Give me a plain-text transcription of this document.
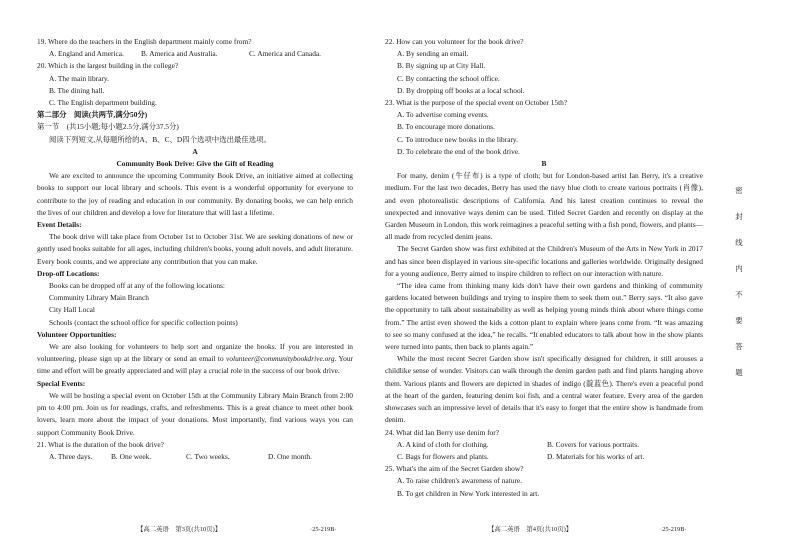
19. Where do the teachers in the English department mainly come from?
A. England and America.	B. America and Australia.	C. America and Canada.
20. Which is the largest building in the college?
A. The main library.
B. The dining hall.
C. The English department building.
第二部分　阅读(共两节,满分50分)
第一节　(共15小题;每小题2.5分,满分37.5分)
阅读下列短文,从每题所给的A、B、C、D四个选项中选出最佳选项。
A
Community Book Drive: Give the Gift of Reading
We are excited to announce the upcoming Community Book Drive, an initiative aimed at collecting books to support our local library and schools. This event is a wonderful opportunity for everyone to contribute to the joy of reading and education in our community. By donating books, we can help enrich the lives of our children and develop a love for literature that will last a lifetime.
Event Details:
The book drive will take place from October 1st to October 31st. We are seeking donations of new or gently used books suitable for all ages, including children's books, young adult novels, and adult literature. Every book counts, and we appreciate any contribution that you can make.
Drop-off Locations:
Books can be dropped off at any of the following locations:
Community Library Main Branch
City Hall Local
Schools (contact the school office for specific collection points)
Volunteer Opportunities:
We are also looking for volunteers to help sort and organize the books. If you are interested in volunteering, please sign up at the library or send an email to volunteer@communitybookdrive.org. Your time and effort will be greatly appreciated and will play a crucial role in the success of our book drive.
Special Events:
We will be hosting a special event on October 15th at the Community Library Main Branch from 2:00 pm to 4:00 pm. Join us for readings, crafts, and refreshments. This is a great chance to meet other book lovers, learn more about the impact of your donations. Most importantly, find various ways you can support Community Book Drive.
21. What is the duration of the book drive?
A. Three days.	B. One week.	C. Two weeks.	D. One month.
【高二英语　第3页(共10页)】	·25-219B·
22. How can you volunteer for the book drive?
A. By sending an email.
B. By signing up at City Hall.
C. By contacting the school office.
D. By dropping off books at a local school.
23. What is the purpose of the special event on October 15th?
A. To advertise coming events.
B. To encourage more donations.
C. To introduce new books in the library.
D. To celebrate the end of the book drive.
B
For many, denim (牛仔布) is a type of cloth; but for London-based artist Ian Berry, it's a creative medium. For the last two decades, Berry has used the navy blue cloth to create various portraits (肖像), and even photorealistic descriptions of California. And his latest creation continues to reveal the unexpected and innovative ways denim can be used. Titled Secret Garden and recently on display at the Garden Museum in London, this work reimagines a peaceful setting with a fish pond, flowers, and plants—all made from recycled denim jeans.
The Secret Garden show was first exhibited at the Children's Museum of the Arts in New York in 2017 and has since been displayed in various site-specific locations and galleries worldwide. Originally designed for a young audience, Berry aimed to inspire children to reflect on our interaction with nature.
“The idea came from thinking many kids don't have their own gardens and thinking of community gardens located between buildings and trying to inspire them to seek them out.” Berry says. “It also gave the opportunity to talk about sustainability as well as helping young minds think about where things come from.” The artist even showed the kids a cotton plant to explain where jeans come from. “It was amazing to see so many confused at the idea,” he recalls. “It enabled educators to talk about how in the show plants were turned into pants, then back to plants again.”
While the most recent Secret Garden show isn't specifically designed for children, it still arouses a childlike sense of wonder. Visitors can walk through the denim garden path and find plants hanging above them. Various plants and flowers are depicted in shades of indigo (靛蓝色). There's even a peaceful pond at the heart of the garden, featuring denim koi fish, and a central water feature. Every area of the garden showcases such an impressive level of details that it's easy to forget that the entire show is handmade from denim.
24. What did Ian Berry use denim for?
A. A kind of cloth for clothing.	B. Covers for various portraits.
C. Bags for flowers and plants.	D. Materials for his works of art.
25. What's the aim of the Secret Garden show?
A. To raise children's awareness of nature.
B. To get children in New York interested in art.
【高二英语　第4页(共10页)】	·25-219B·
密
封
线
内
不
要
答
题
